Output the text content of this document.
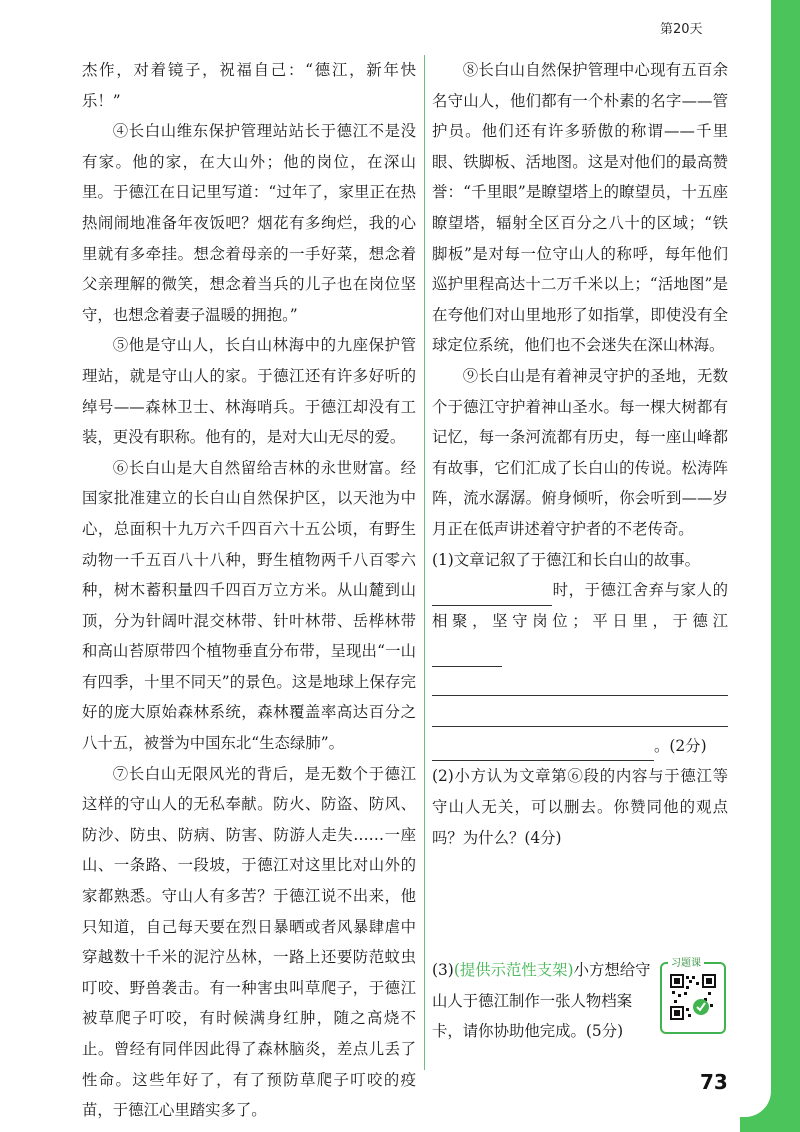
第20天

杰作，对着镜子，祝福自己：“德江，新年快乐！”

④长白山维东保护管理站站长于德江不是没有家。他的家，在大山外；他的岗位，在深山里。于德江在日记里写道：“过年了，家里正在热热闹闹地准备年夜饭吧？烟花有多绚烂，我的心里就有多牵挂。想念着母亲的一手好菜，想念着父亲理解的微笑，想念着当兵的儿子也在岗位坚守，也想念着妻子温暖的拥抱。”

⑤他是守山人，长白山林海中的九座保护管理站，就是守山人的家。于德江还有许多好听的绰号——森林卫士、林海哨兵。于德江却没有工装，更没有职称。他有的，是对大山无尽的爱。

⑥长白山是大自然留给吉林的永世财富。经国家批准建立的长白山自然保护区，以天池为中心，总面积十九万六千四百六十五公顷，有野生动物一千五百八十八种，野生植物两千八百零六种，树木蓄积量四千四百万立方米。从山麓到山顶，分为针阔叶混交林带、针叶林带、岳桦林带和高山苔原带四个植物垂直分布带，呈现出“一山有四季，十里不同天”的景色。这是地球上保存完好的庞大原始森林系统，森林覆盖率高达百分之八十五，被誉为中国东北“生态绿肺”。

⑦长白山无限风光的背后，是无数个于德江这样的守山人的无私奉献。防火、防盗、防风、防沙、防虫、防病、防害、防游人走失……一座山、一条路、一段坡，于德江对这里比对山外的家都熟悉。守山人有多苦？于德江说不出来，他只知道，自己每天要在烈日暴晒或者风暴肆虐中穿越数十千米的泥泞丛林，一路上还要防范蚊虫叮咬、野兽袭击。有一种害虫叫草爬子，于德江被草爬子叮咬，有时候满身红肿，随之高烧不止。曾经有同伴因此得了森林脑炎，差点儿丢了性命。这些年好了，有了预防草爬子叮咬的疫苗，于德江心里踏实多了。

⑧长白山自然保护管理中心现有五百余名守山人，他们都有一个朴素的名字——管护员。他们还有许多骄傲的称谓——千里眼、铁脚板、活地图。这是对他们的最高赞誉：“千里眼”是瞭望塔上的瞭望员，十五座瞭望塔，辐射全区百分之八十的区域；“铁脚板”是对每一位守山人的称呼，每年他们巡护里程高达十二万千米以上；“活地图”是在夸他们对山里地形了如指掌，即使没有全球定位系统，他们也不会迷失在深山林海。

⑨长白山是有着神灵守护的圣地，无数个于德江守护着神山圣水。每一棵大树都有记忆，每一条河流都有历史，每一座山峰都有故事，它们汇成了长白山的传说。松涛阵阵，流水潺潺。俯身倾听，你会听到——岁月正在低声讲述着守护者的不老传奇。

(1)文章记叙了于德江和长白山的故事。

时，于德江舍弃与家人的相聚，坚守岗位；平日里，于德江

。(2分)

(2)小方认为文章第⑥段的内容与于德江等守山人无关，可以删去。你赞同他的观点吗？为什么？(4分)

(3)(提供示范性支架)小方想给守山人于德江制作一张人物档案卡，请你协助他完成。(5分)
习题课
73
